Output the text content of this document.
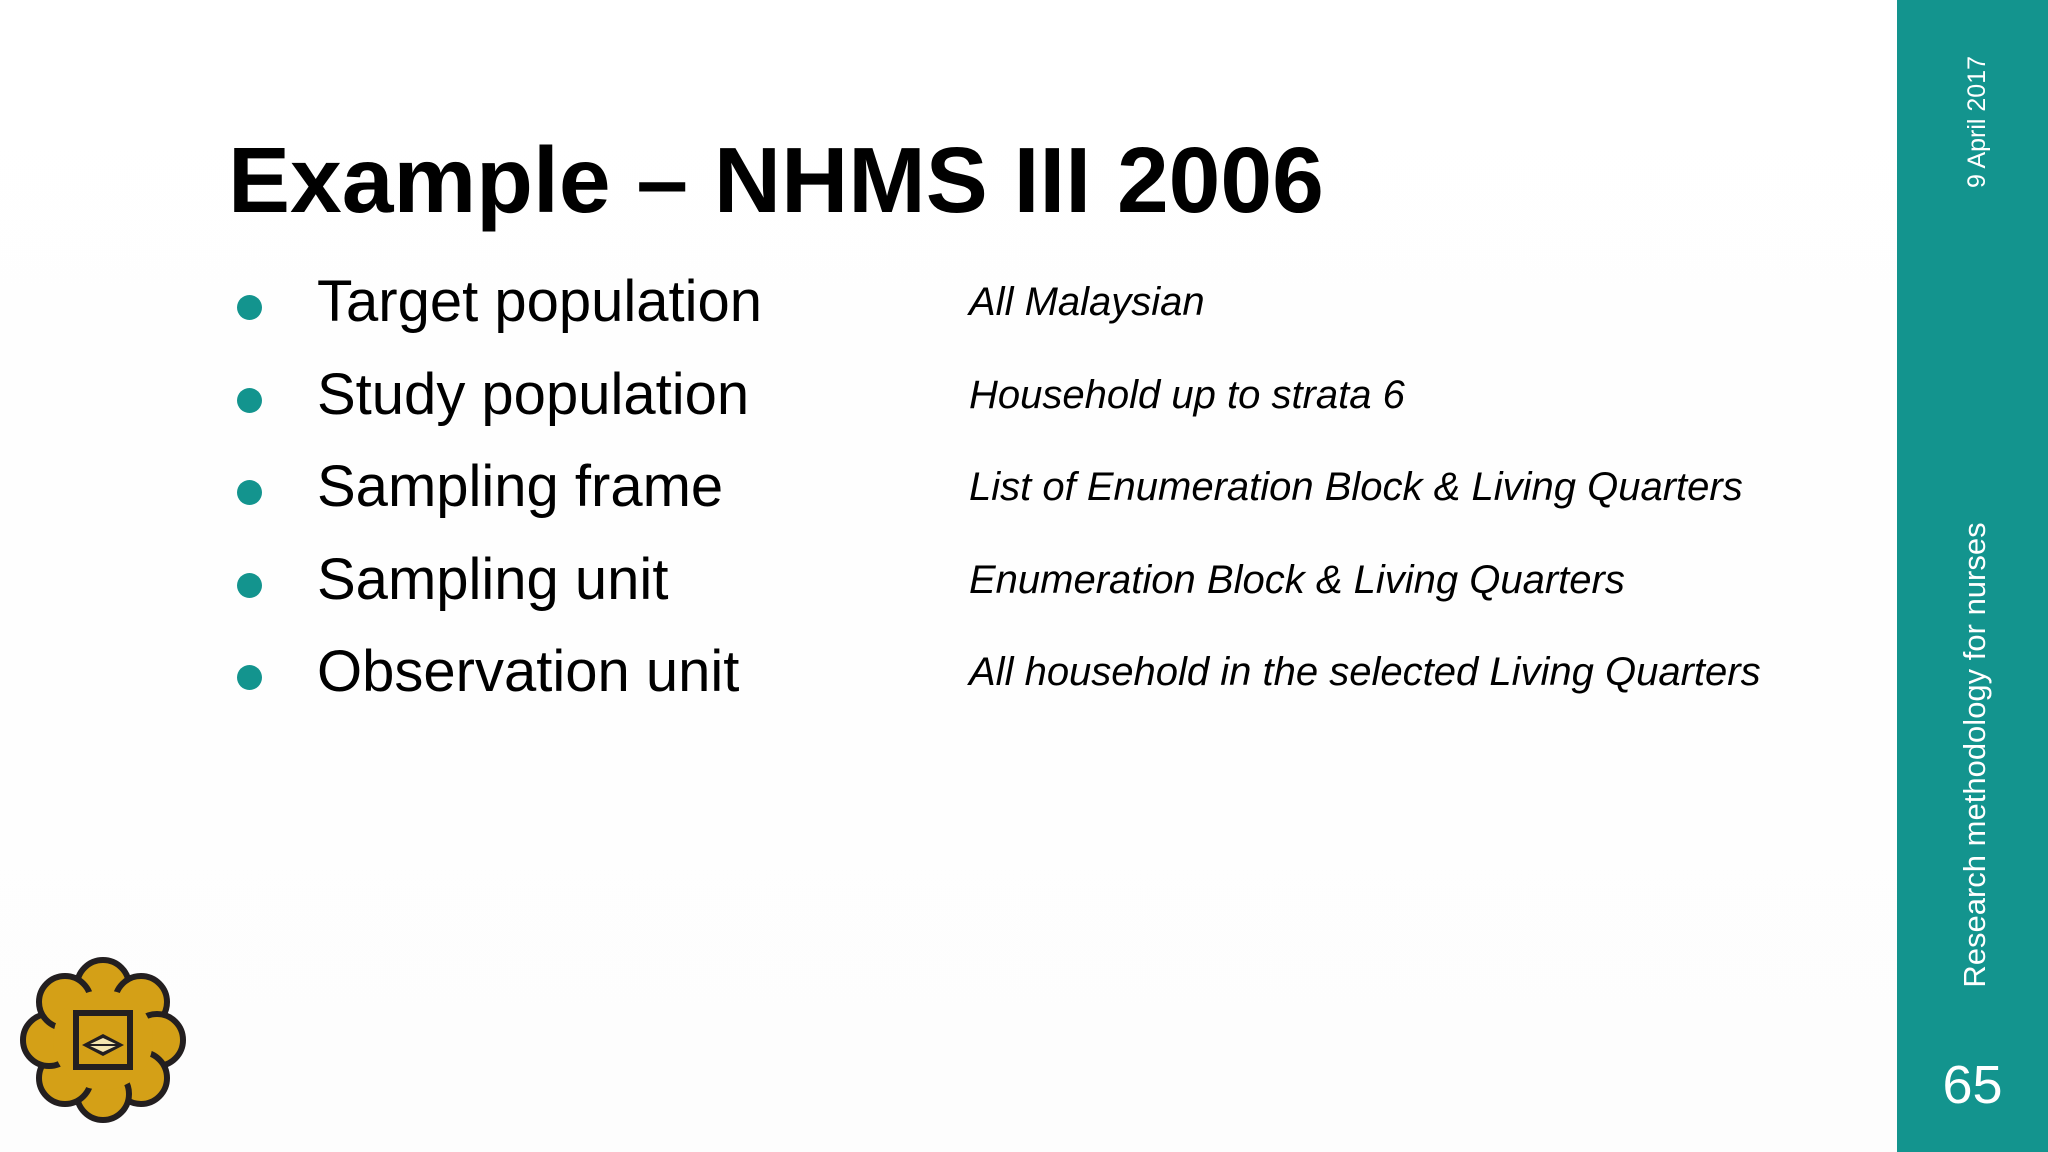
Example – NHMS III 2006
Target population	All Malaysian
Study population	Household up to strata 6
Sampling frame	List of Enumeration Block & Living Quarters
Sampling unit	Enumeration Block & Living Quarters
Observation unit	All household in the selected Living Quarters
9 April 2017
Research methodology for nurses
65
